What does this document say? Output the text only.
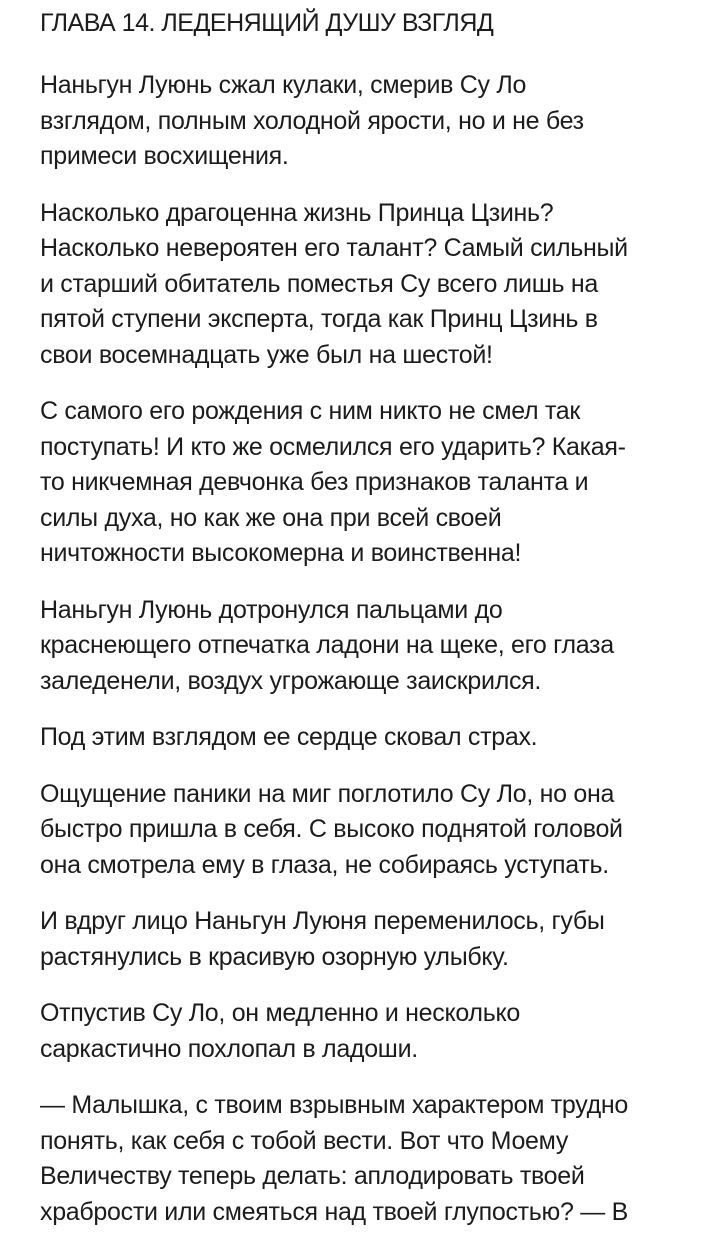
ГЛАВА 14. ЛЕДЕНЯЩИЙ ДУШУ ВЗГЛЯД

Наньгун Луюнь сжал кулаки, смерив Су Ло
взглядом, полным холодной ярости, но и не без
примеси восхищения.

Насколько драгоценна жизнь Принца Цзинь?
Насколько невероятен его талант? Самый сильный
и старший обитатель поместья Су всего лишь на
пятой ступени эксперта, тогда как Принц Цзинь в
свои восемнадцать уже был на шестой!

С самого его рождения с ним никто не смел так
поступать! И кто же осмелился его ударить? Какая-
то никчемная девчонка без признаков таланта и
силы духа, но как же она при всей своей
ничтожности высокомерна и воинственна!

Наньгун Луюнь дотронулся пальцами до
краснеющего отпечатка ладони на щеке, его глаза
заледенели, воздух угрожающе заискрился.

Под этим взглядом ее сердце сковал страх.

Ощущение паники на миг поглотило Су Ло, но она
быстро пришла в себя. С высоко поднятой головой
она смотрела ему в глаза, не собираясь уступать.

И вдруг лицо Наньгун Луюня переменилось, губы
растянулись в красивую озорную улыбку.

Отпустив Су Ло, он медленно и несколько
саркастично похлопал в ладоши.

— Малышка, с твоим взрывным характером трудно
понять, как себя с тобой вести. Вот что Моему
Величеству теперь делать: аплодировать твоей
храбрости или смеяться над твоей глупостью? — В
